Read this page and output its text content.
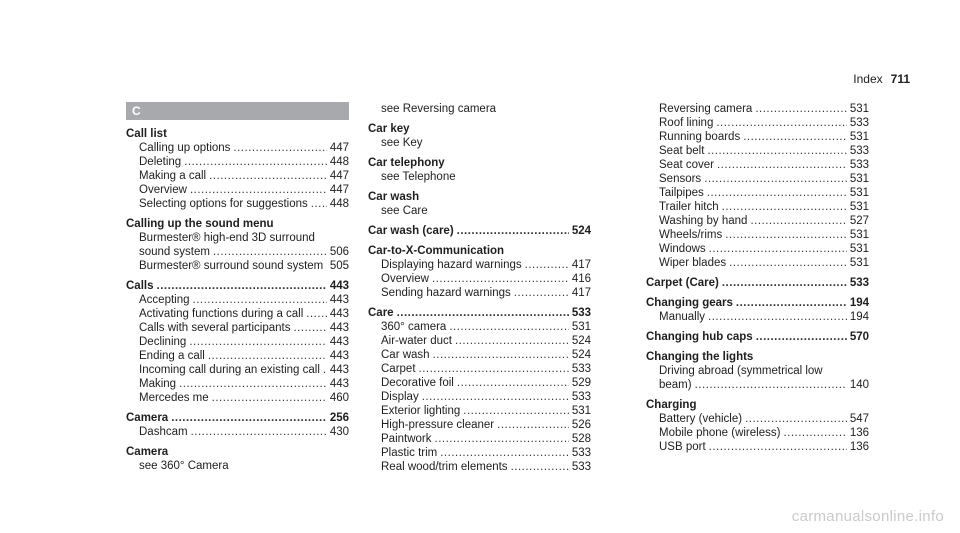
Index 711
C
Call list
Calling up options .....	447
Deleting .....	448
Making a call .....	447
Overview .....	447
Selecting options for suggestions ..... 448
Calling up the sound menu
Burmester® high-end 3D surround
sound system .....	506
Burmester® surround sound system ..... 505
Calls .....	443
Accepting .....	443
Activating functions during a call ..... 443
Calls with several participants .....	443
Declining .....	443
Ending a call .....	443
Incoming call during an existing call ..... 443
Making .....	443
Mercedes me .....	460
Camera .....	256
Dashcam .....	430
Camera
see 360° Camera
see Reversing camera
Car key
see Key
Car telephony
see Telephone
Car wash
see Care
Car wash (care) .....	524
Car-to-X-Communication
Displaying hazard warnings .....	417
Overview .....	416
Sending hazard warnings .....	417
Care .....	533
360° camera .....	531
Air-water duct .....	524
Car wash .....	524
Carpet .....	533
Decorative foil .....	529
Display .....	533
Exterior lighting .....	531
High-pressure cleaner .....	526
Paintwork .....	528
Plastic trim .....	533
Real wood/trim elements .....	533
Reversing camera .....	531
Roof lining .....	533
Running boards .....	531
Seat belt .....	533
Seat cover .....	533
Sensors .....	531
Tailpipes .....	531
Trailer hitch .....	531
Washing by hand .....	527
Wheels/rims .....	531
Windows .....	531
Wiper blades .....	531
Carpet (Care) .....	533
Changing gears .....	194
Manually .....	194
Changing hub caps .....	570
Changing the lights
Driving abroad (symmetrical low
beam) .....	140
Charging
Battery (vehicle) .....	547
Mobile phone (wireless) .....	136
USB port .....	136
carmanualsonline.info
